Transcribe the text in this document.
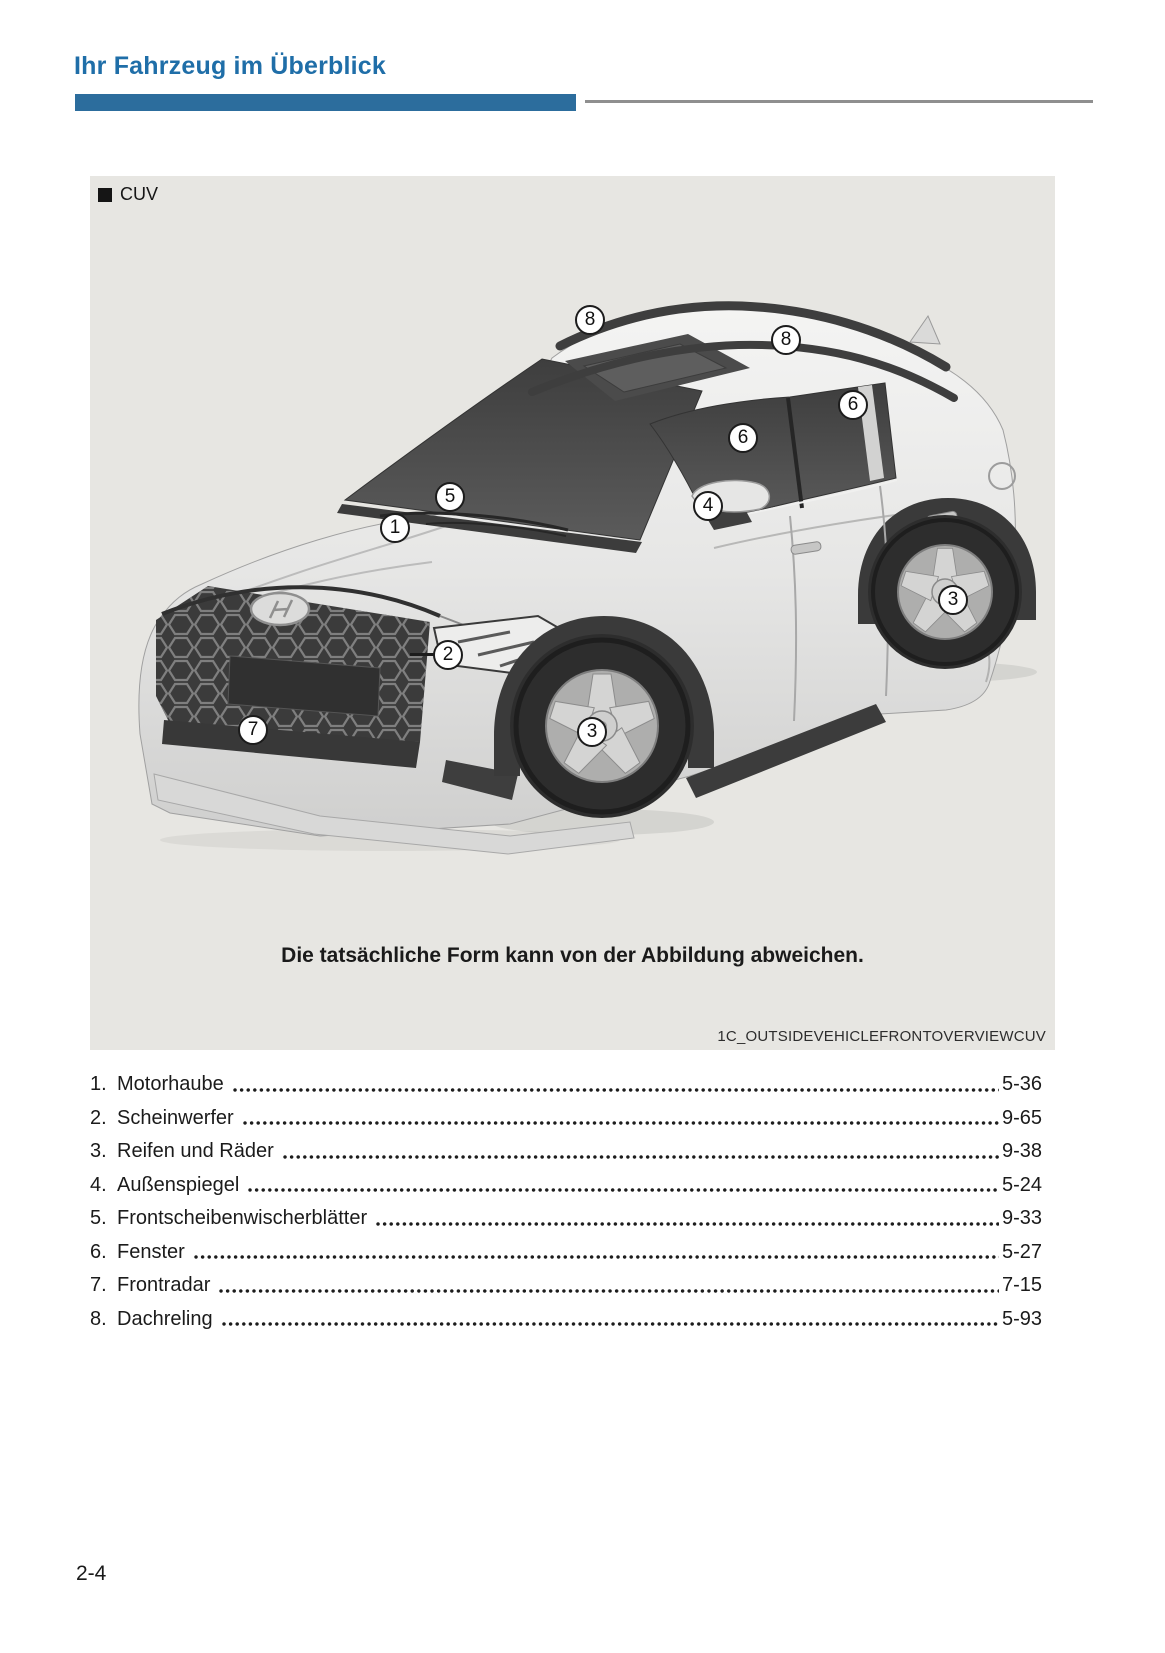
Ihr Fahrzeug im Überblick
8
8
6
6
5	4
1
3
2
3
7
CUV
Die tatsächliche Form kann von der Abbildung abweichen.
1C_OUTSIDEVEHICLEFRONTOVERVIEWCUV
1. Motorhaube	5-36
2. Scheinwerfer	9-65
3. Reifen und Räder	9-38
4. Außenspiegel	5-24
5. Frontscheibenwischerblätter	9-33
6. Fenster	5-27
7. Frontradar	7-15
8. Dachreling	5-93
2-4
